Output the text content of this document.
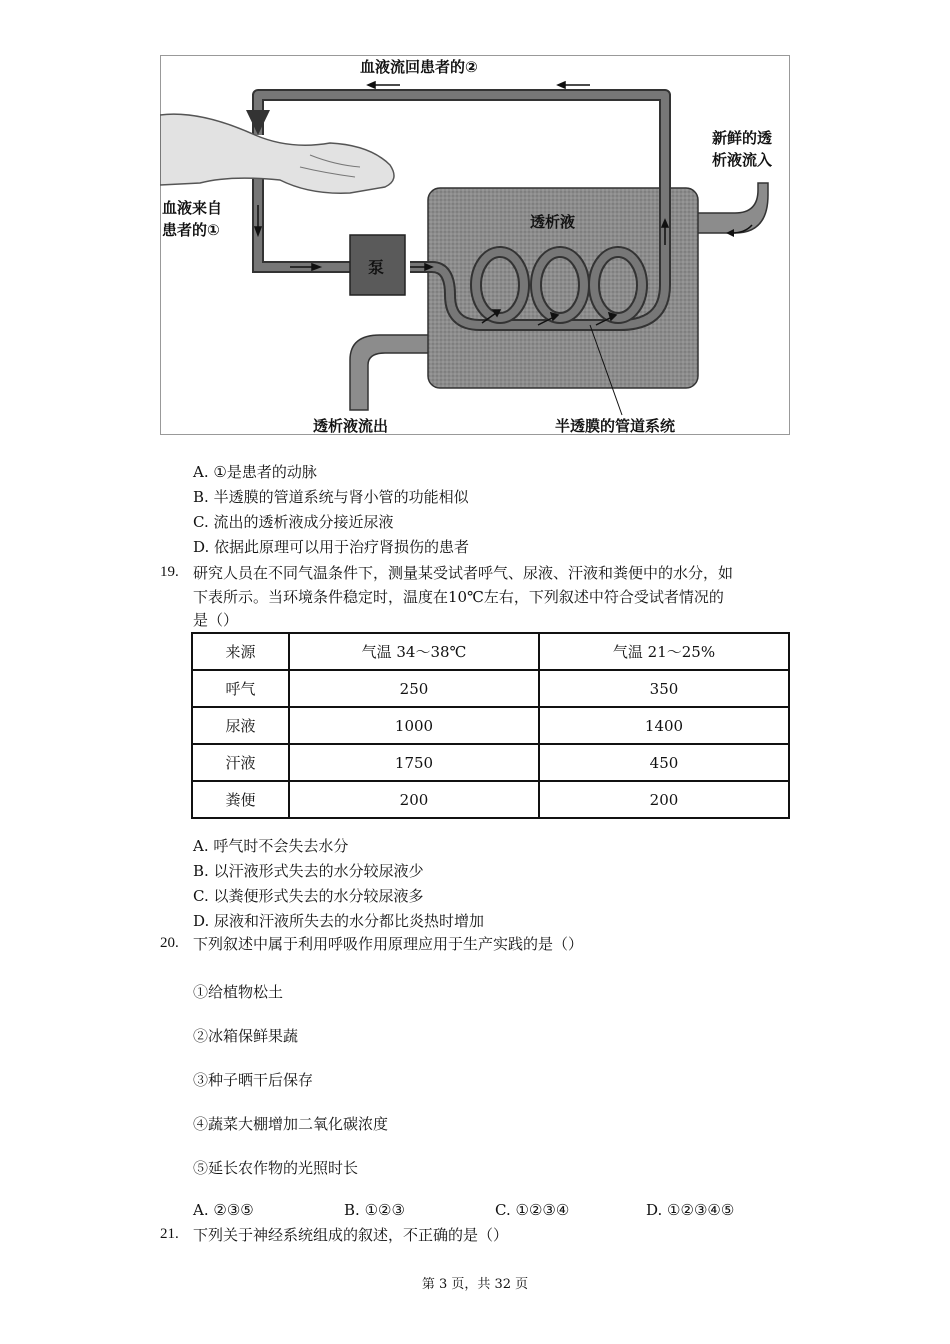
血液流回患者的②
血液来自
患者的①
新鲜的透
析液流入
透析液
泵
透析液流出	半透膜的管道系统
A. ①是患者的动脉
B. 半透膜的管道系统与肾小管的功能相似
C. 流出的透析液成分接近尿液
D. 依据此原理可以用于治疗肾损伤的患者
19. 研究人员在不同气温条件下，测量某受试者呼气、尿液、汗液和粪便中的水分，如
下表所示。当环境条件稳定时，温度在10℃左右，下列叙述中符合受试者情况的
是（）
来源	气温 34～38℃	气温 21～25%
呼气	250	350
尿液	1000	1400
汗液	1750	450
粪便	200	200
A. 呼气时不会失去水分
B. 以汗液形式失去的水分较尿液少
C. 以粪便形式失去的水分较尿液多
D. 尿液和汗液所失去的水分都比炎热时增加
20. 下列叙述中属于利用呼吸作用原理应用于生产实践的是（）
①给植物松土
②冰箱保鲜果蔬
③种子晒干后保存
④蔬菜大棚增加二氧化碳浓度
⑤延长农作物的光照时长
A. ②③⑤	B. ①②③	C. ①②③④	D. ①②③④⑤
21. 下列关于神经系统组成的叙述，不正确的是（）
第 3 页，共 32 页
